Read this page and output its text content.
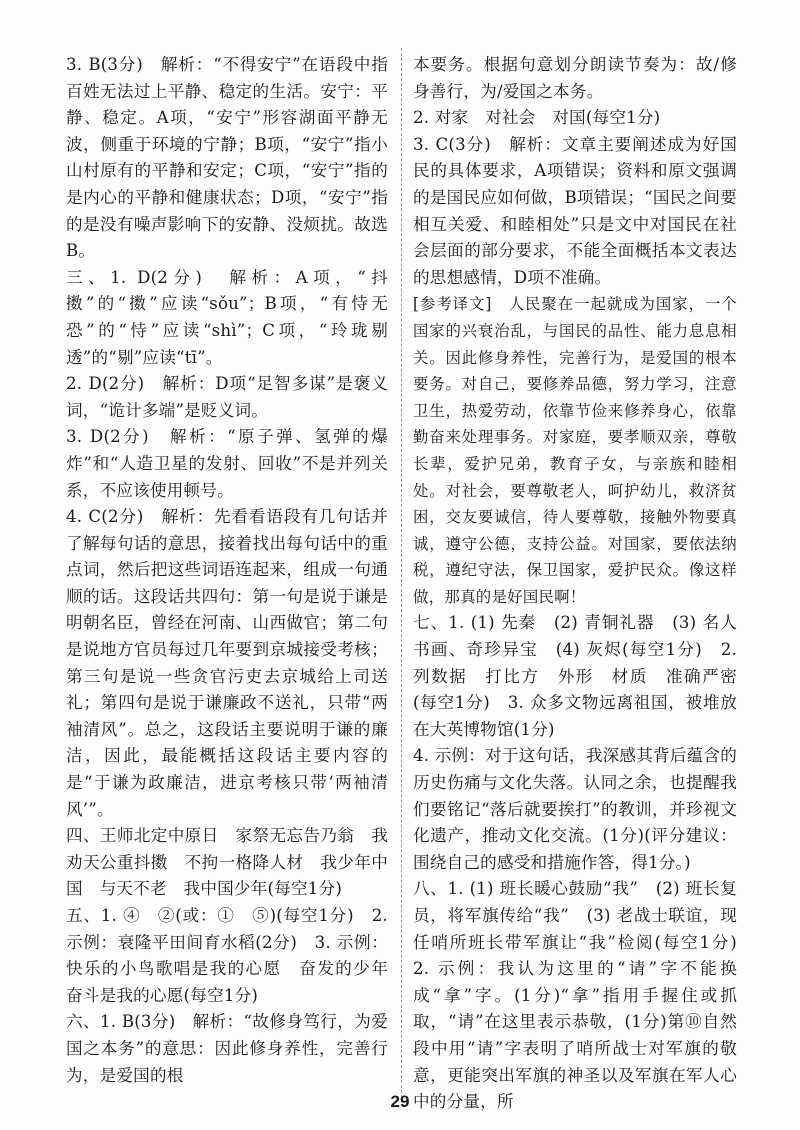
3. B(3分)　解析：“不得安宁”在语段中指百姓无法过上平静、稳定的生活。安宁：平静、稳定。A项，“安宁”形容湖面平静无波，侧重于环境的宁静；B项，“安宁”指小山村原有的平静和安定；C项，“安宁”指的是内心的平静和健康状态；D项，“安宁”指的是没有噪声影响下的安静、没烦扰。故选B。

三、1. D(2分)　解析：A项，“抖擞”的“擞”应读“sǒu”；B项，“有恃无恐”的“恃”应读“shì”；C项，“玲珑剔透”的“剔”应读“tī”。

2. D(2分)　解析：D项“足智多谋”是褒义词，“诡计多端”是贬义词。

3. D(2分)　解析：“原子弹、氢弹的爆炸”和“人造卫星的发射、回收”不是并列关系，不应该使用顿号。

4. C(2分)　解析：先看看语段有几句话并了解每句话的意思，接着找出每句话中的重点词，然后把这些词语连起来，组成一句通顺的话。这段话共四句：第一句是说于谦是明朝名臣，曾经在河南、山西做官；第二句是说地方官员每过几年要到京城接受考核；第三句是说一些贪官污吏去京城给上司送礼；第四句是说于谦廉政不送礼，只带“两袖清风”。总之，这段话主要说明于谦的廉洁，因此，最能概括这段话主要内容的是“于谦为政廉洁，进京考核只带‘两袖清风’”。

四、王师北定中原日　家祭无忘告乃翁　我劝天公重抖擞　不拘一格降人材　我少年中国　与天不老　我中国少年(每空1分)

五、1. ④　②(或：①　⑤)(每空1分)　2. 示例：衰隆平田间育水稻(2分)　3. 示例：快乐的小鸟歌唱是我的心愿　奋发的少年　奋斗是我的心愿(每空1分)

六、1. B(3分)　解析：“故修身笃行，为爱国之本务”的意思：因此修身养性，完善行为，是爱国的根

本要务。根据句意划分朗读节奏为：故/修身善行，为/爱国之本务。

2. 对家　对社会　对国(每空1分)

3. C(3分)　解析：文章主要阐述成为好国民的具体要求，A项错误；资料和原文强调的是国民应如何做，B项错误；“国民之间要相互关爱、和睦相处”只是文中对国民在社会层面的部分要求，不能全面概括本文表达的思想感情，D项不准确。

[参考译文]　人民聚在一起就成为国家，一个国家的兴衰治乱，与国民的品性、能力息息相关。因此修身养性，完善行为，是爱国的根本要务。对自己，要修养品德，努力学习，注意卫生，热爱劳动，依靠节俭来修养身心，依靠勤奋来处理事务。对家庭，要孝顺双亲，尊敬长辈，爱护兄弟，教育子女，与亲族和睦相处。对社会，要尊敬老人，呵护幼儿，救济贫困，交友要诚信，待人要尊敬，接触外物要真诚，遵守公德，支持公益。对国家，要依法纳税，遵纪守法，保卫国家，爱护民众。像这样做，那真的是好国民啊！

七、1. (1) 先秦　(2) 青铜礼器　(3) 名人书画、奇珍异宝　(4) 灰烬(每空1分)　2. 列数据　打比方　外形　材质　准确严密(每空1分)　3. 众多文物远离祖国，被堆放在大英博物馆(1分)

4. 示例：对于这句话，我深感其背后蕴含的历史伤痛与文化失落。认同之余，也提醒我们要铭记“落后就要挨打”的教训，并珍视文化遗产，推动文化交流。(1分)(评分建议：围绕自己的感受和措施作答，得1分。)

八、1. (1) 班长暖心鼓励“我”　(2) 班长复员，将军旗传给“我”　(3) 老战士联谊，现任哨所班长带军旗让“我”检阅(每空1分)　2. 示例：我认为这里的“请”字不能换成“拿”字。(1分)“拿”指用手握住或抓取，“请”在这里表示恭敬，(1分)第⑩自然段中用“请”字表明了哨所战士对军旗的敬意，更能突出军旗的神圣以及军旗在军人心中的分量，所

29
